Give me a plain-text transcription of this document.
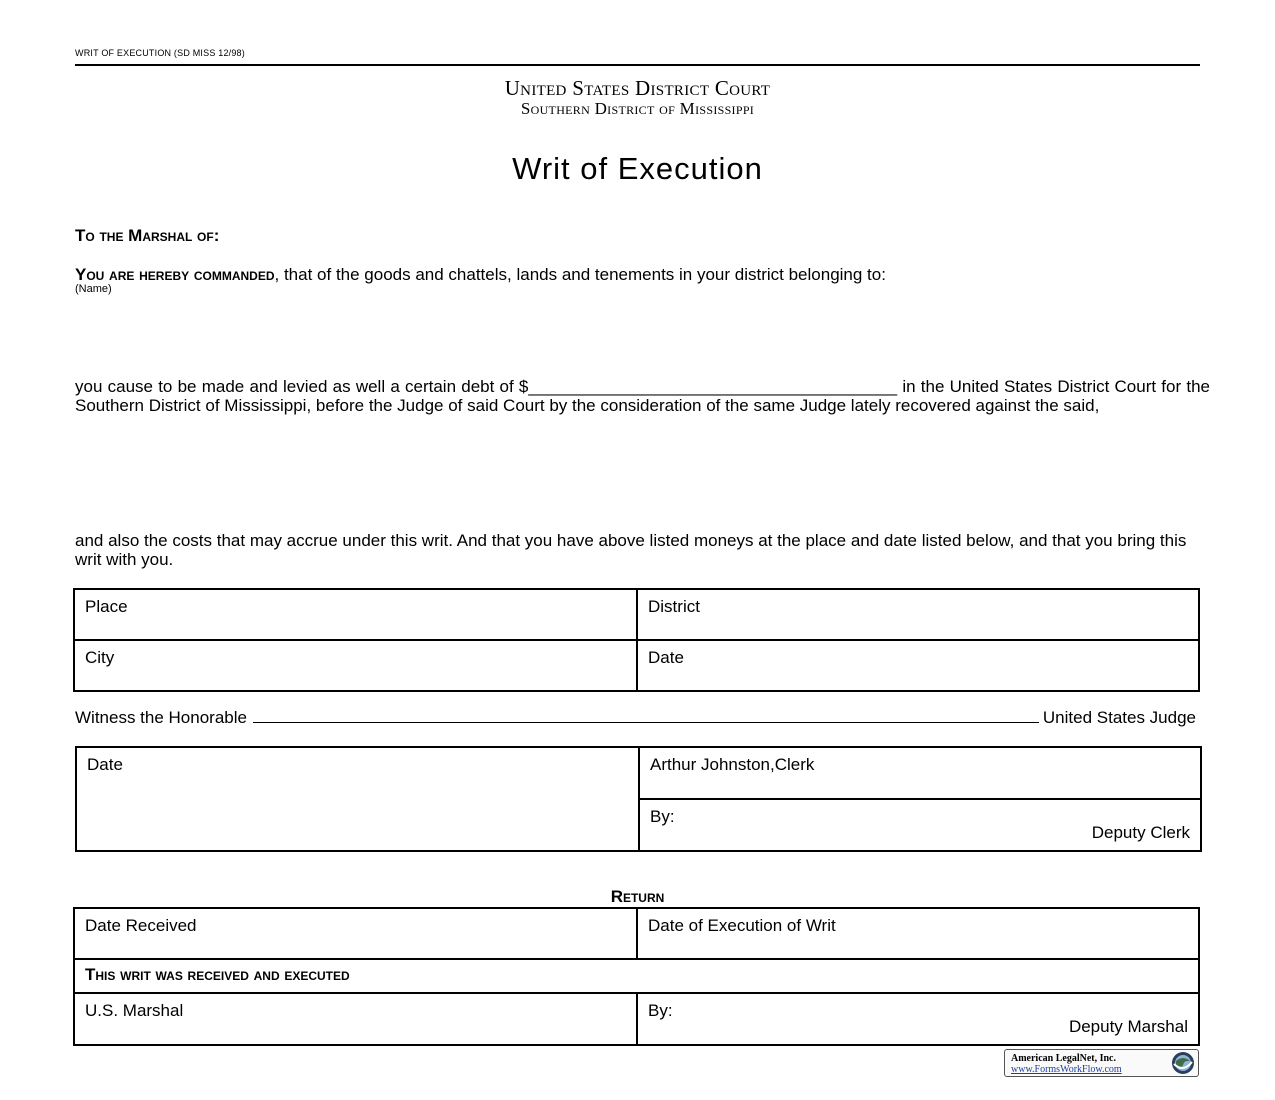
WRIT OF EXECUTION (SD MISS 12/98)
United States District Court
Southern District of Mississippi
Writ of Execution
To the Marshal of:
You are hereby commanded, that of the goods and chattels, lands and tenements in your district belonging to:
(Name)
you cause to be made and levied as well a certain debt of $_______________________________________ in the United States District Court for the Southern District of Mississippi, before the Judge of said Court by the consideration of the same Judge lately recovered against the said,
and also the costs that may accrue under this writ. And that you have above listed moneys at the place and date listed below, and that you bring this writ with you.
Place	District
City	Date
Witness the Honorable	United States Judge
Date	Arthur Johnston,Clerk

By:
Deputy Clerk
Return
Date Received	Date of Execution of Writ
This writ was received and executed	
U.S. Marshal	By:
Deputy Marshal
American LegalNet, Inc.
www.FormsWorkFlow.com
